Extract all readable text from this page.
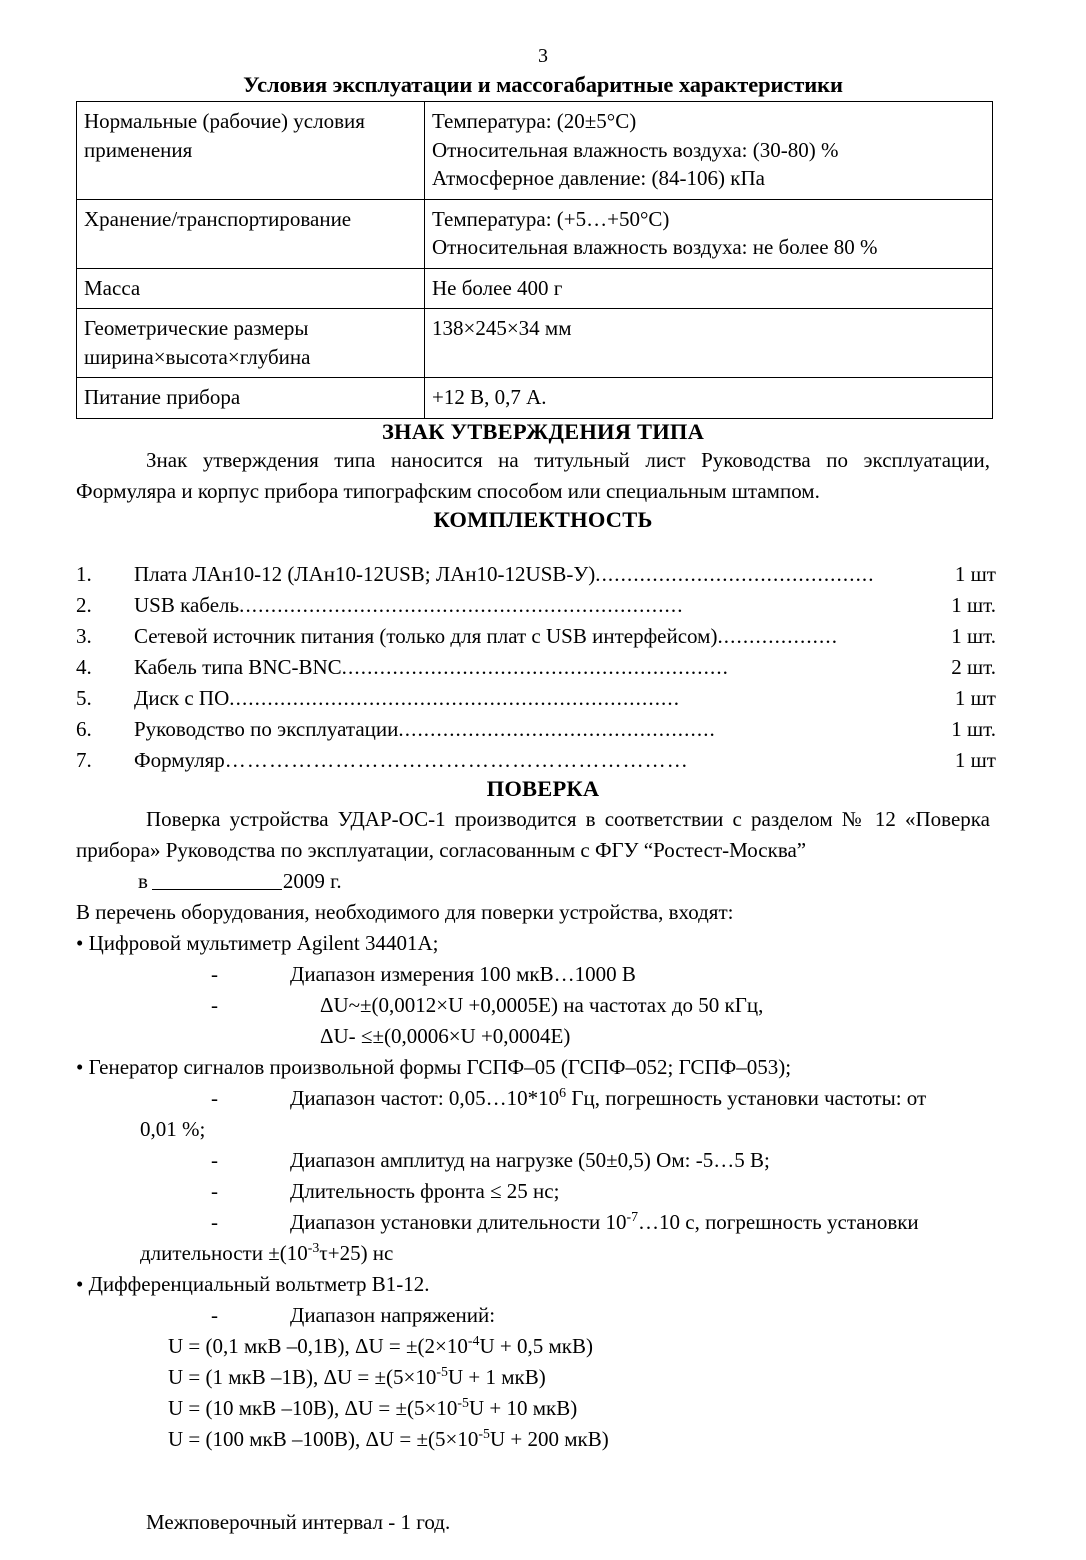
3
Условия эксплуатации и массогабаритные характеристики
Нормальные (рабочие) условия
применения	Температура: (20±5°С)
Относительная влажность воздуха: (30-80) %
Атмосферное давление: (84-106) кПа

Хранение/транспортирование	Температура: (+5…+50°С)
Относительная влажность воздуха: не более 80 %

Масса	Не более 400 г

Геометрические размеры
ширина×высота×глубина	138×245×34 мм

Питание прибора	+12 В, 0,7 А.
ЗНАК УТВЕРЖДЕНИЯ ТИПА

Знак утверждения типа наносится на титульный лист Руководства по эксплуатации, Формуляра и корпус прибора типографским способом или специальным штампом.

КОМПЛЕКТНОСТЬ
1. Плата ЛАн10-12 (ЛАн10-12USB; ЛАн10-12USB-У) ............................................	1 шт
2. USB кабель ......................................................................	1 шт.
3. Сетевой источник питания (только для плат с USB интерфейсом) ...................	1 шт.
4. Кабель типа BNC-BNC .............................................................	2 шт.
5. Диск с ПО .......................................................................	1 шт
6. Руководство по эксплуатации ..................................................	1 шт.
7. Формуляр ………………………………………………………	1 шт
ПОВЕРКА

Поверка устройства УДАР-ОС-1 производится в соответствии с разделом № 12 «Поверка прибора» Руководства по эксплуатации, согласованным с ФГУ “Ростест-Москва”

в	2009 г.

В перечень оборудования, необходимого для поверки устройства, входят:

• Цифровой мультиметр Agilent 34401А;

-	Диапазон измерения 100 мкВ…1000 В

-	ΔU~±(0,0012×U +0,0005Е) на частотах до 50 кГц,

ΔU- ≤±(0,0006×U +0,0004Е)

• Генератор сигналов произвольной формы ГСПФ–05 (ГСПФ–052; ГСПФ–053);

-	Диапазон частот: $0,05\dots 10*10^6$ Гц, погрешность установки частоты: от

0,01 %;

-	Диапазон амплитуд на нагрузке (50±0,5) Ом: -5…5 В;

-	Длительность фронта ≤ 25 нс;

-	Диапазон установки длительности $10^{-7}\dots 10$ с, погрешность установки

длительности $\pm(10^{-3}\tau+25)$ нс

• Дифференциальный вольтметр В1-12.

-	Диапазон напряжений:

U = (0,1 мкВ –0,1В), $\Delta U = \pm(2\times 10^{-4}U + 0,5$ мкВ)

U = (1 мкВ –1В), $\Delta U = \pm(5\times 10^{-5}U + 1$ мкВ)

U = (10 мкВ –10В), $\Delta U = \pm(5\times 10^{-5}U + 10$ мкВ)

U = (100 мкВ –100В), $\Delta U = \pm(5\times 10^{-5}U + 200$ мкВ)

Межповерочный интервал - 1 год.
